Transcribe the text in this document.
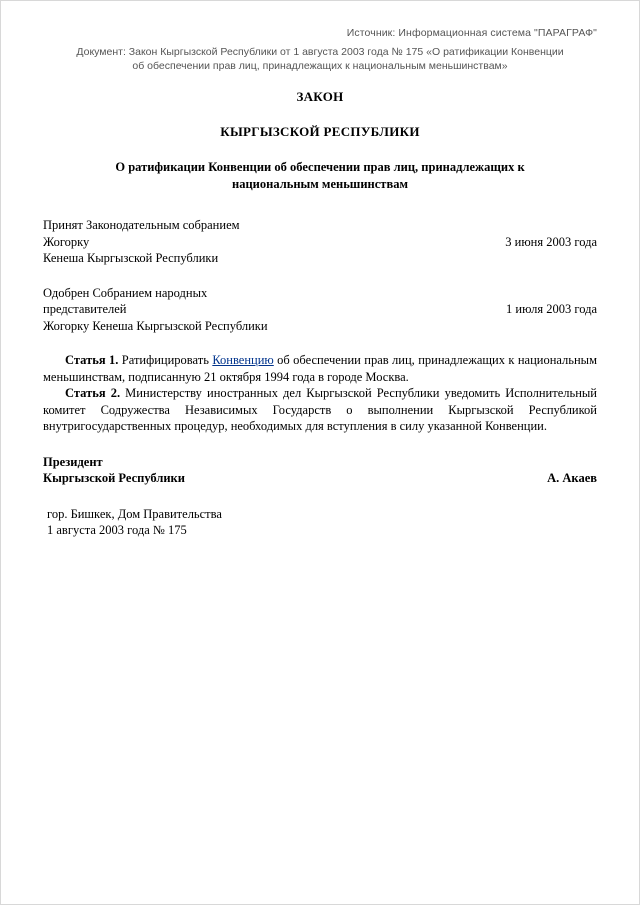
Источник: Информационная система "ПАРАГРАФ"
Документ: Закон Кыргызской Республики от 1 августа 2003 года № 175 «О ратификации Конвенции
об обеспечении прав лиц, принадлежащих к национальным меньшинствам»
ЗАКОН
КЫРГЫЗСКОЙ РЕСПУБЛИКИ
О ратификации Конвенции об обеспечении прав лиц, принадлежащих к
национальным меньшинствам
Принят Законодательным собранием
Жогорку	3 июня 2003 года
Кенеша Кыргызской Республики
Одобрен Собранием народных
представителей	1 июля 2003 года
Жогорку Кенеша Кыргызской Республики

Статья 1. Ратифицировать Конвенцию об обеспечении прав лиц, принадлежащих к национальным меньшинствам, подписанную 21 октября 1994 года в городе Москва.

Статья 2. Министерству иностранных дел Кыргызской Республики уведомить Исполнительный комитет Содружества Независимых Государств о выполнении Кыргызской Республикой внутригосударственных процедур, необходимых для вступления в силу указанной Конвенции.

Президент
Кыргызской Республики	А. Акаев
гор. Бишкек, Дом Правительства
1 августа 2003 года № 175
